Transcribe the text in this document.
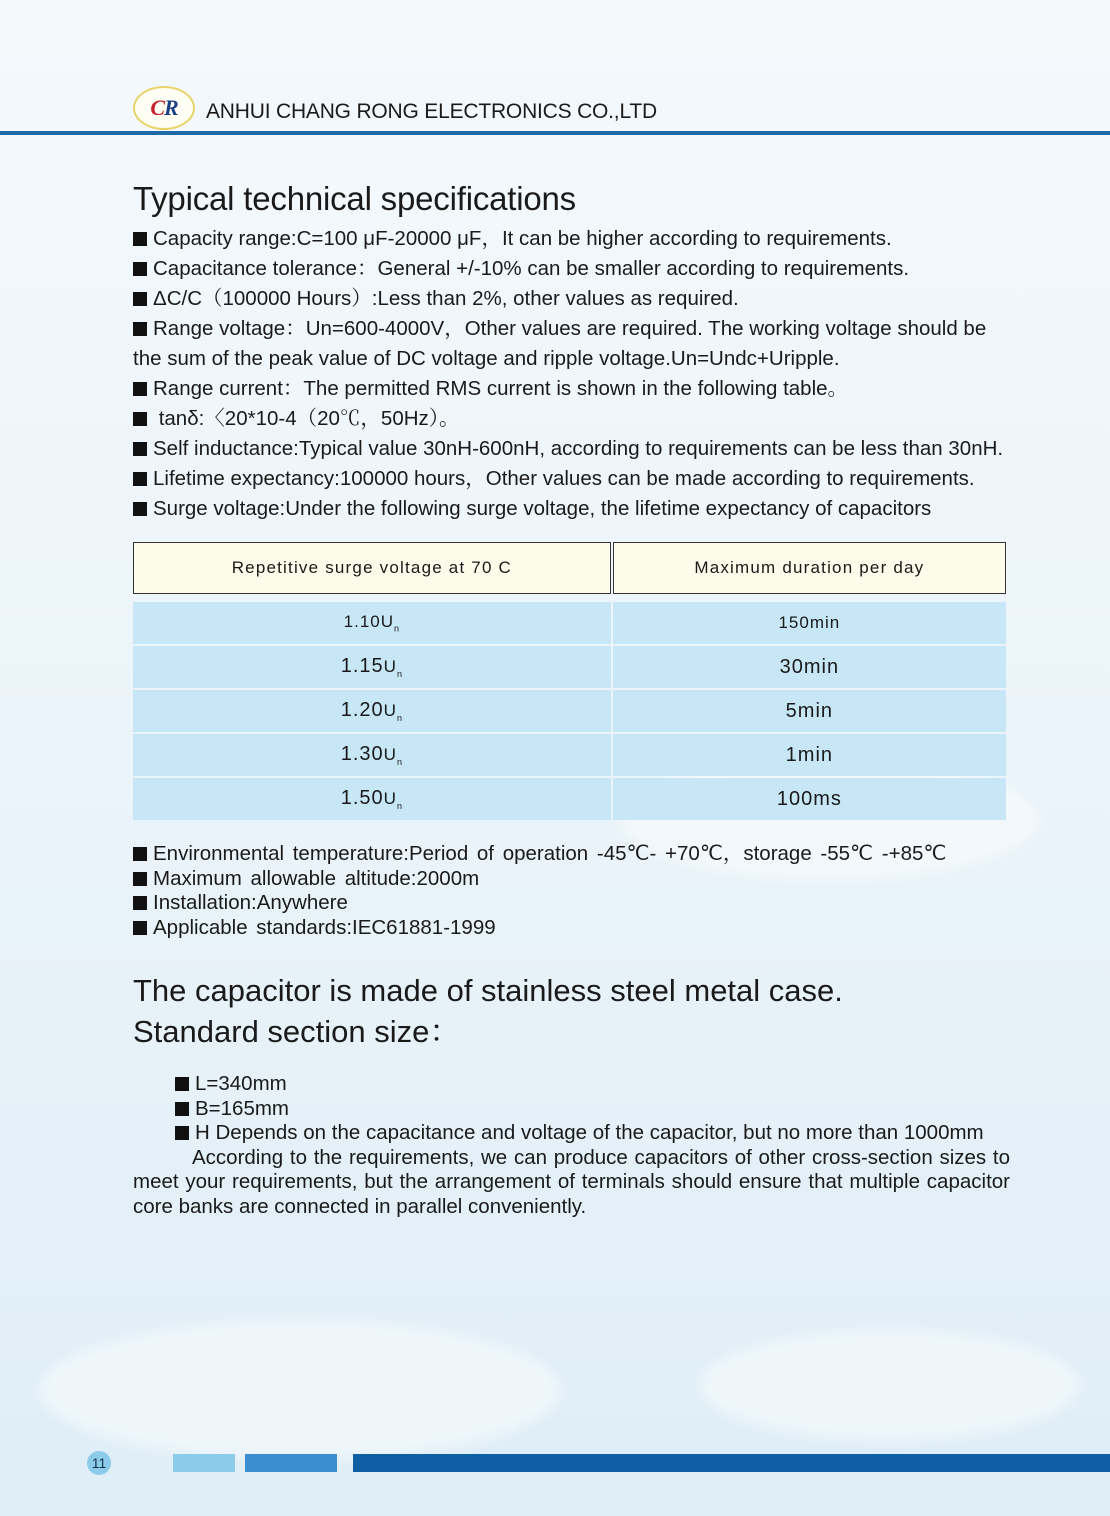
C R ANHUI CHANG RONG ELECTRONICS CO.,LTD
Typical technical specifications

Capacity range:C=100 μF-20000 μF，It can be higher according to requirements.

Capacitance tolerance：General +/-10% can be smaller according to requirements.

ΔC/C（100000 Hours）:Less than 2%, other values as required.

Range voltage：Un=600-4000V，Other values are required. The working voltage should be the sum of the peak value of DC voltage and ripple voltage.Un=Undc+Uripple.

Range current：The permitted RMS current is shown in the following table。

tanδ:〈20*10-4（20℃，50Hz）。

Self inductance:Typical value 30nH-600nH, according to requirements can be less than 30nH.

Lifetime expectancy:100000 hours，Other values can be made according to requirements.

Surge voltage:Under the following surge voltage, the lifetime expectancy of capacitors

Repetitive surge voltage at 70 C	Maximum duration per day

$1.10U_n$	150min
$1.15U_n$	30min
$1.20U_n$	5min
$1.30U_n$	1min
$1.50U_n$	100ms

Environmental temperature:Period of operation -45℃- +70℃，storage -55℃ -+85℃

Maximum allowable altitude:2000m

Installation:Anywhere

Applicable standards:IEC61881-1999

The capacitor is made of stainless steel metal case.
Standard section size：

L=340mm

B=165mm

H Depends on the capacitance and voltage of the capacitor, but no more than 1000mm

According to the requirements, we can produce capacitors of other cross-section sizes to meet your requirements, but the arrangement of terminals should ensure that multiple capacitor core banks are connected in parallel conveniently.

11
